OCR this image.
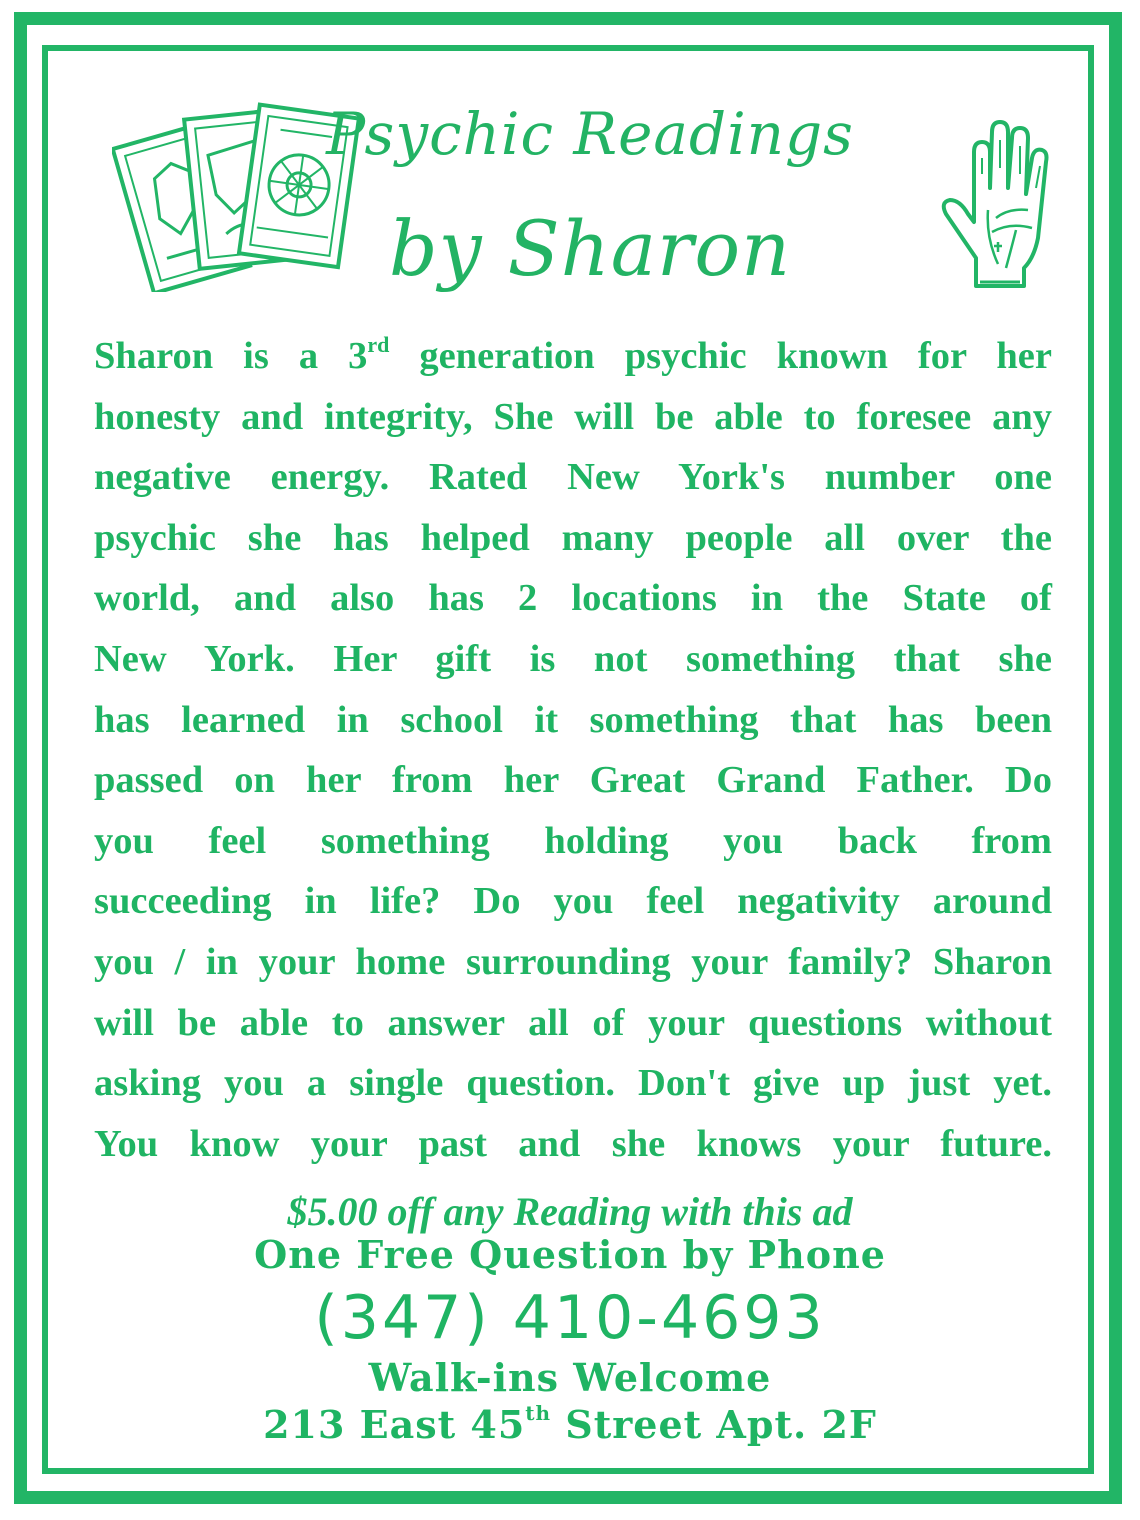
Psychic Readings
by Sharon
Sharon is a 3rd generation psychic known for her
honesty and integrity, She will be able to foresee any
negative energy. Rated New York's number one
psychic she has helped many people all over the
world, and also has 2 locations in the State of
New York. Her gift is not something that she
has learned in school it something that has been
passed on her from her Great Grand Father. Do
you feel something holding you back from
succeeding in life? Do you feel negativity around
you / in your home surrounding your family? Sharon
will be able to answer all of your questions without
asking you a single question. Don't give up just yet.
You know your past and she knows your future.
$5.00 off any Reading with this ad
One Free Question by Phone
(347) 410-4693
Walk-ins Welcome
213 East 45th Street Apt. 2F
